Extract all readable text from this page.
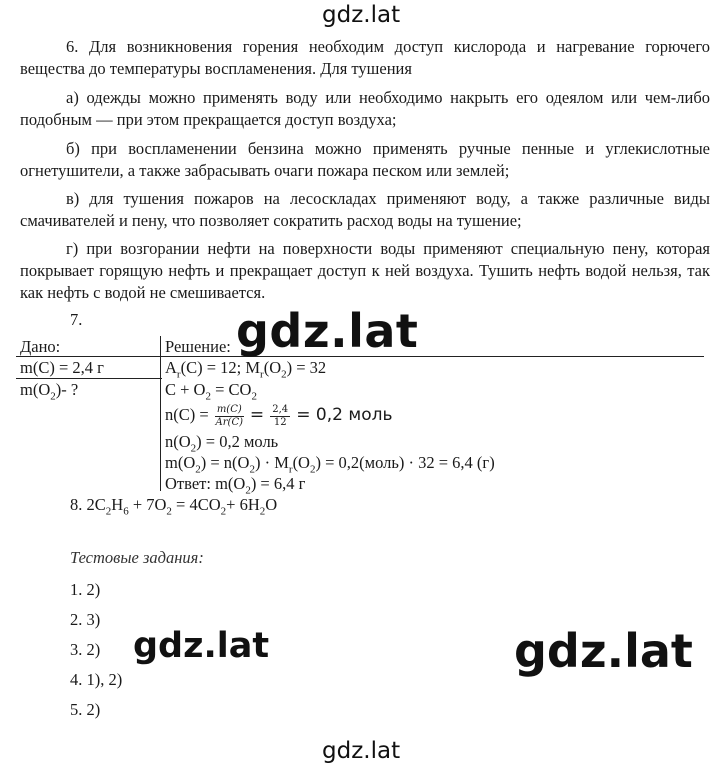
gdz.lat

6. Для возникновения горения необходим доступ кислорода и нагревание горючего вещества до температуры воспламенения. Для тушения

а) одежды можно применять воду или необходимо накрыть его одеялом или чем-либо подобным — при этом прекращается доступ воздуха;

б) при воспламенении бензина можно применять ручные пенные и углекислотные огнетушители, а также забрасывать очаги пожара песком или землей;

в) для тушения пожаров на лесоскладах применяют воду, а также различные виды смачивателей и пену, что позволяет сократить расход воды на тушение;

г) при возгорании нефти на поверхности воды применяют специальную пену, которая покрывает горящую нефть и прекращает доступ к ней воздуха. Тушить нефть водой нельзя, так как нефть с водой не смешивается.

7.
Дано:	Решение:
m(C) = 2,4 г
$m(O_2)-$ ?
$A_r(C) = 12$; $M_r(O_2) = 32$
$C + O_2 = CO_2$
$n(C) = \frac{m(C)}{Ar(C)} = \frac{2,4}{12} = 0,2$ моль
$n(O_2) = 0,2$ моль
$m(O_2) = n(O_2) \cdot M_r(O_2)$ = 0,2(моль) · 32 = 6,4 (г)
Ответ: $m(O_2) = 6,4$ г
8. $2C_2H_6 + 7O_2 = 4CO_2+ 6H_2O$
Тестовые задания:
1. 2)
2. 3)
3. 2)
4. 1), 2)
5. 2)
gdz.lat
gdz.lat	gdz.lat
gdz.lat
